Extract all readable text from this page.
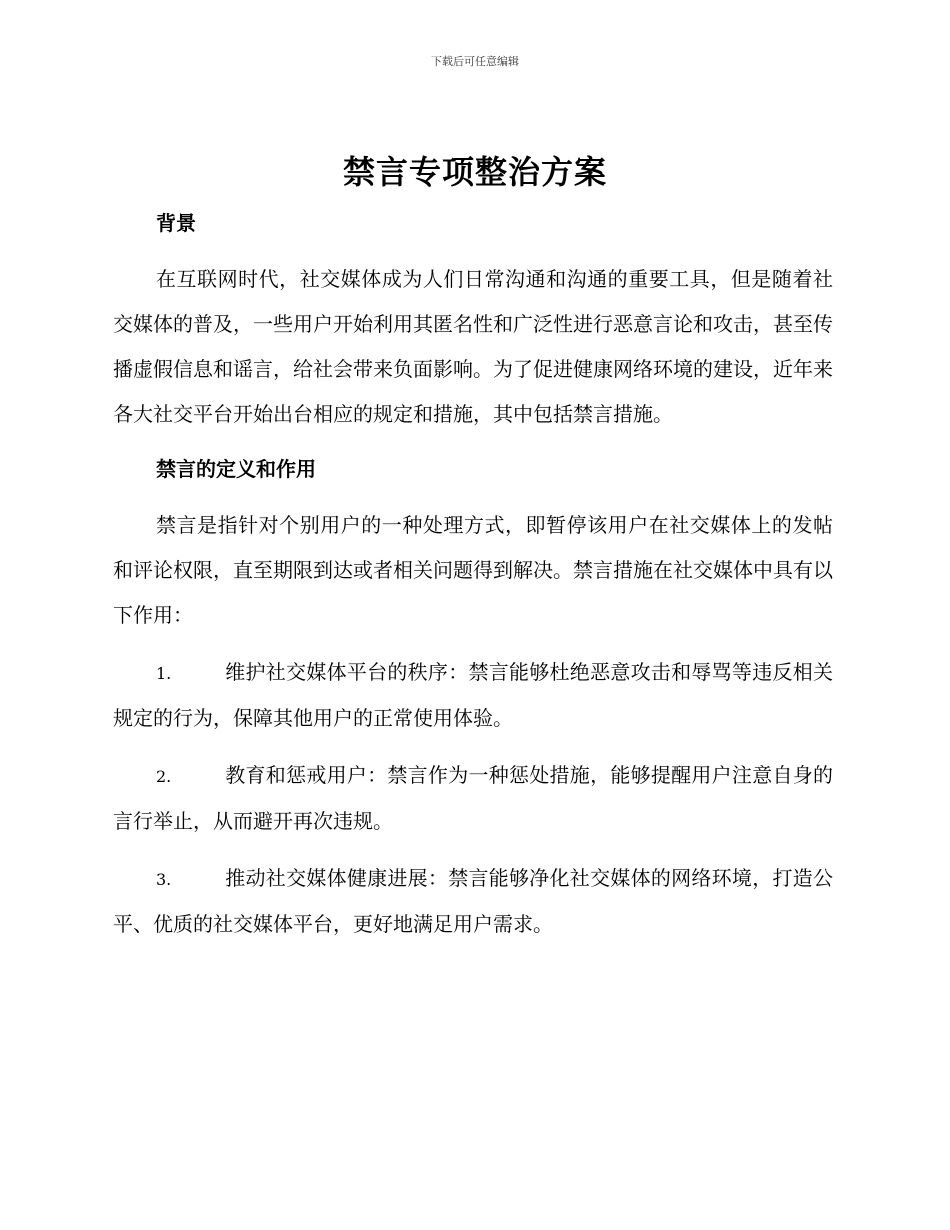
下载后可任意编辑
禁言专项整治方案

背景

在互联网时代，社交媒体成为人们日常沟通和沟通的重要工具，但是随着社交媒体的普及，一些用户开始利用其匿名性和广泛性进行恶意言论和攻击，甚至传播虚假信息和谣言，给社会带来负面影响。为了促进健康网络环境的建设，近年来各大社交平台开始出台相应的规定和措施，其中包括禁言措施。

禁言的定义和作用

禁言是指针对个别用户的一种处理方式，即暂停该用户在社交媒体上的发帖和评论权限，直至期限到达或者相关问题得到解决。禁言措施在社交媒体中具有以下作用：

1.	维护社交媒体平台的秩序：禁言能够杜绝恶意攻击和辱骂等违反相关规定的行为，保障其他用户的正常使用体验。

2.	教育和惩戒用户：禁言作为一种惩处措施，能够提醒用户注意自身的言行举止，从而避开再次违规。

3.	推动社交媒体健康进展：禁言能够净化社交媒体的网络环境，打造公平、优质的社交媒体平台，更好地满足用户需求。
